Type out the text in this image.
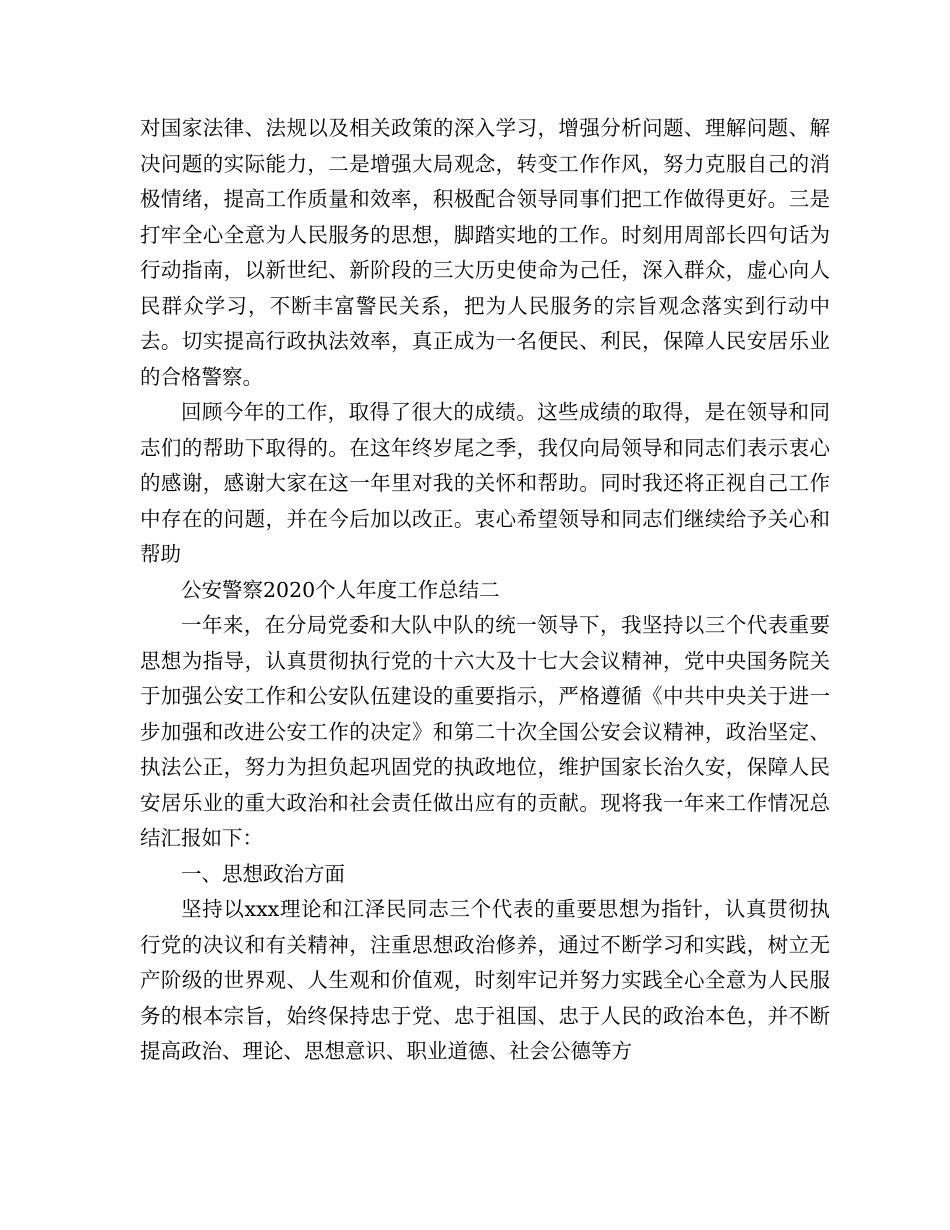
对国家法律、法规以及相关政策的深入学习，增强分析问题、理解问题、解决问题的实际能力，二是增强大局观念，转变工作作风，努力克服自己的消极情绪，提高工作质量和效率，积极配合领导同事们把工作做得更好。三是打牢全心全意为人民服务的思想，脚踏实地的工作。时刻用周部长四句话为行动指南，以新世纪、新阶段的三大历史使命为己任，深入群众，虚心向人民群众学习，不断丰富警民关系，把为人民服务的宗旨观念落实到行动中去。切实提高行政执法效率，真正成为一名便民、利民，保障人民安居乐业的合格警察。

回顾今年的工作，取得了很大的成绩。这些成绩的取得，是在领导和同志们的帮助下取得的。在这年终岁尾之季，我仅向局领导和同志们表示衷心的感谢，感谢大家在这一年里对我的关怀和帮助。同时我还将正视自己工作中存在的问题，并在今后加以改正。衷心希望领导和同志们继续给予关心和帮助

公安警察2020个人年度工作总结二

一年来，在分局党委和大队中队的统一领导下，我坚持以三个代表重要思想为指导，认真贯彻执行党的十六大及十七大会议精神，党中央国务院关于加强公安工作和公安队伍建设的重要指示，严格遵循《中共中央关于进一步加强和改进公安工作的决定》和第二十次全国公安会议精神，政治坚定、执法公正，努力为担负起巩固党的执政地位，维护国家长治久安，保障人民安居乐业的重大政治和社会责任做出应有的贡献。现将我一年来工作情况总结汇报如下：

一、思想政治方面

坚持以xxx理论和江泽民同志三个代表的重要思想为指针，认真贯彻执行党的决议和有关精神，注重思想政治修养，通过不断学习和实践，树立无产阶级的世界观、人生观和价值观，时刻牢记并努力实践全心全意为人民服务的根本宗旨，始终保持忠于党、忠于祖国、忠于人民的政治本色，并不断提高政治、理论、思想意识、职业道德、社会公德等方
